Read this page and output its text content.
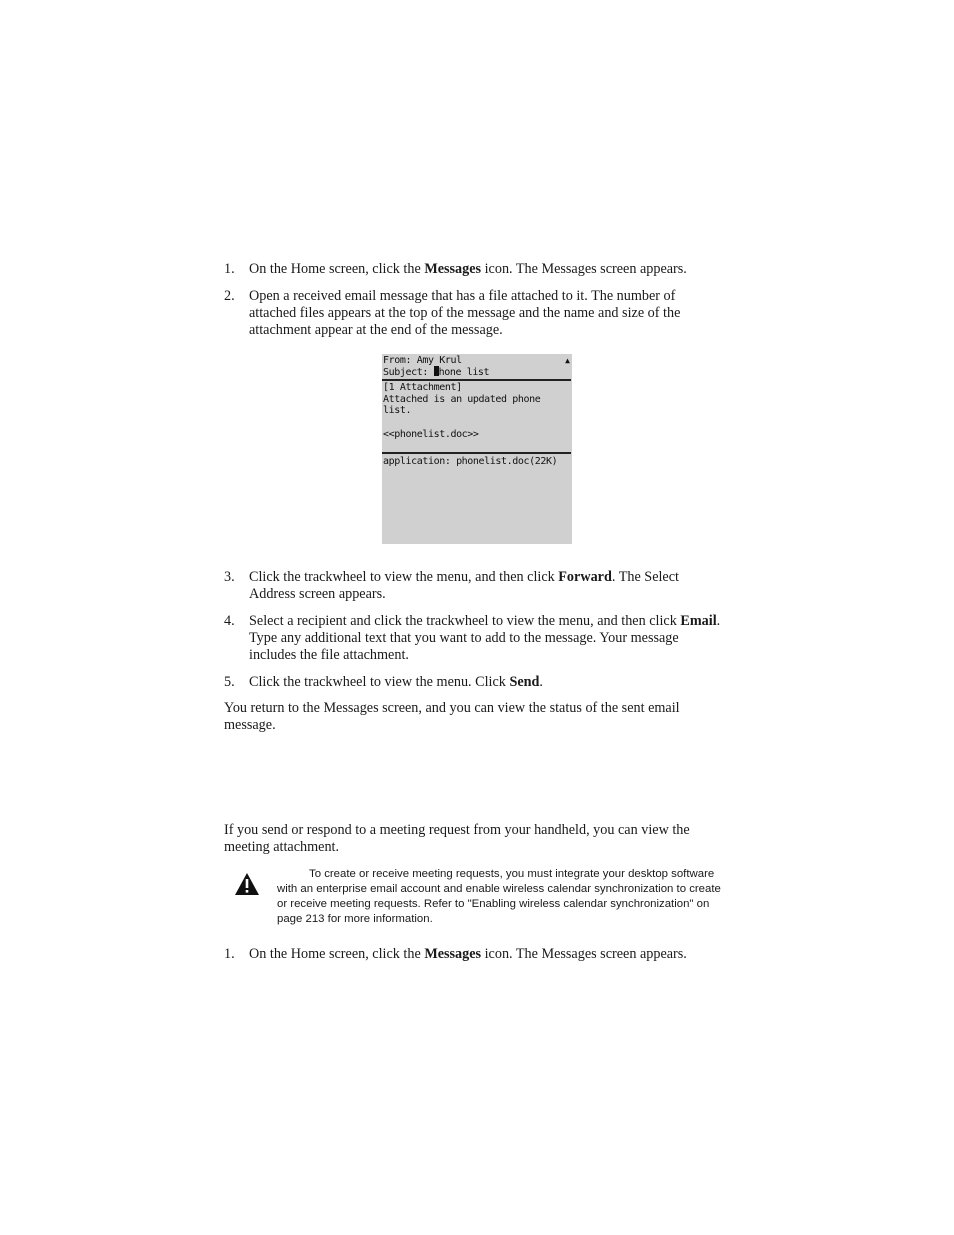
1. On the Home screen, click the Messages icon. The Messages screen appears.
2. Open a received email message that has a file attached to it. The number of attached files appears at the top of the message and the name and size of the attachment appear at the end of the message.
▲
From: Amy Krul
Subject: hone list
[1 Attachment]
Attached is an updated phone
list.
<<phonelist.doc>>
application: phonelist.doc(22K)
3. Click the trackwheel to view the menu, and then click Forward. The Select Address screen appears.
4. Select a recipient and click the trackwheel to view the menu, and then click Email. Type any additional text that you want to add to the message. Your message includes the file attachment.
5. Click the trackwheel to view the menu. Click Send.
You return to the Messages screen, and you can view the status of the sent email message.
If you send or respond to a meeting request from your handheld, you can view the meeting attachment.
To create or receive meeting requests, you must integrate your desktop software with an enterprise email account and enable wireless calendar synchronization to create or receive meeting requests. Refer to "Enabling wireless calendar synchronization" on page 213 for more information.
1. On the Home screen, click the Messages icon. The Messages screen appears.
